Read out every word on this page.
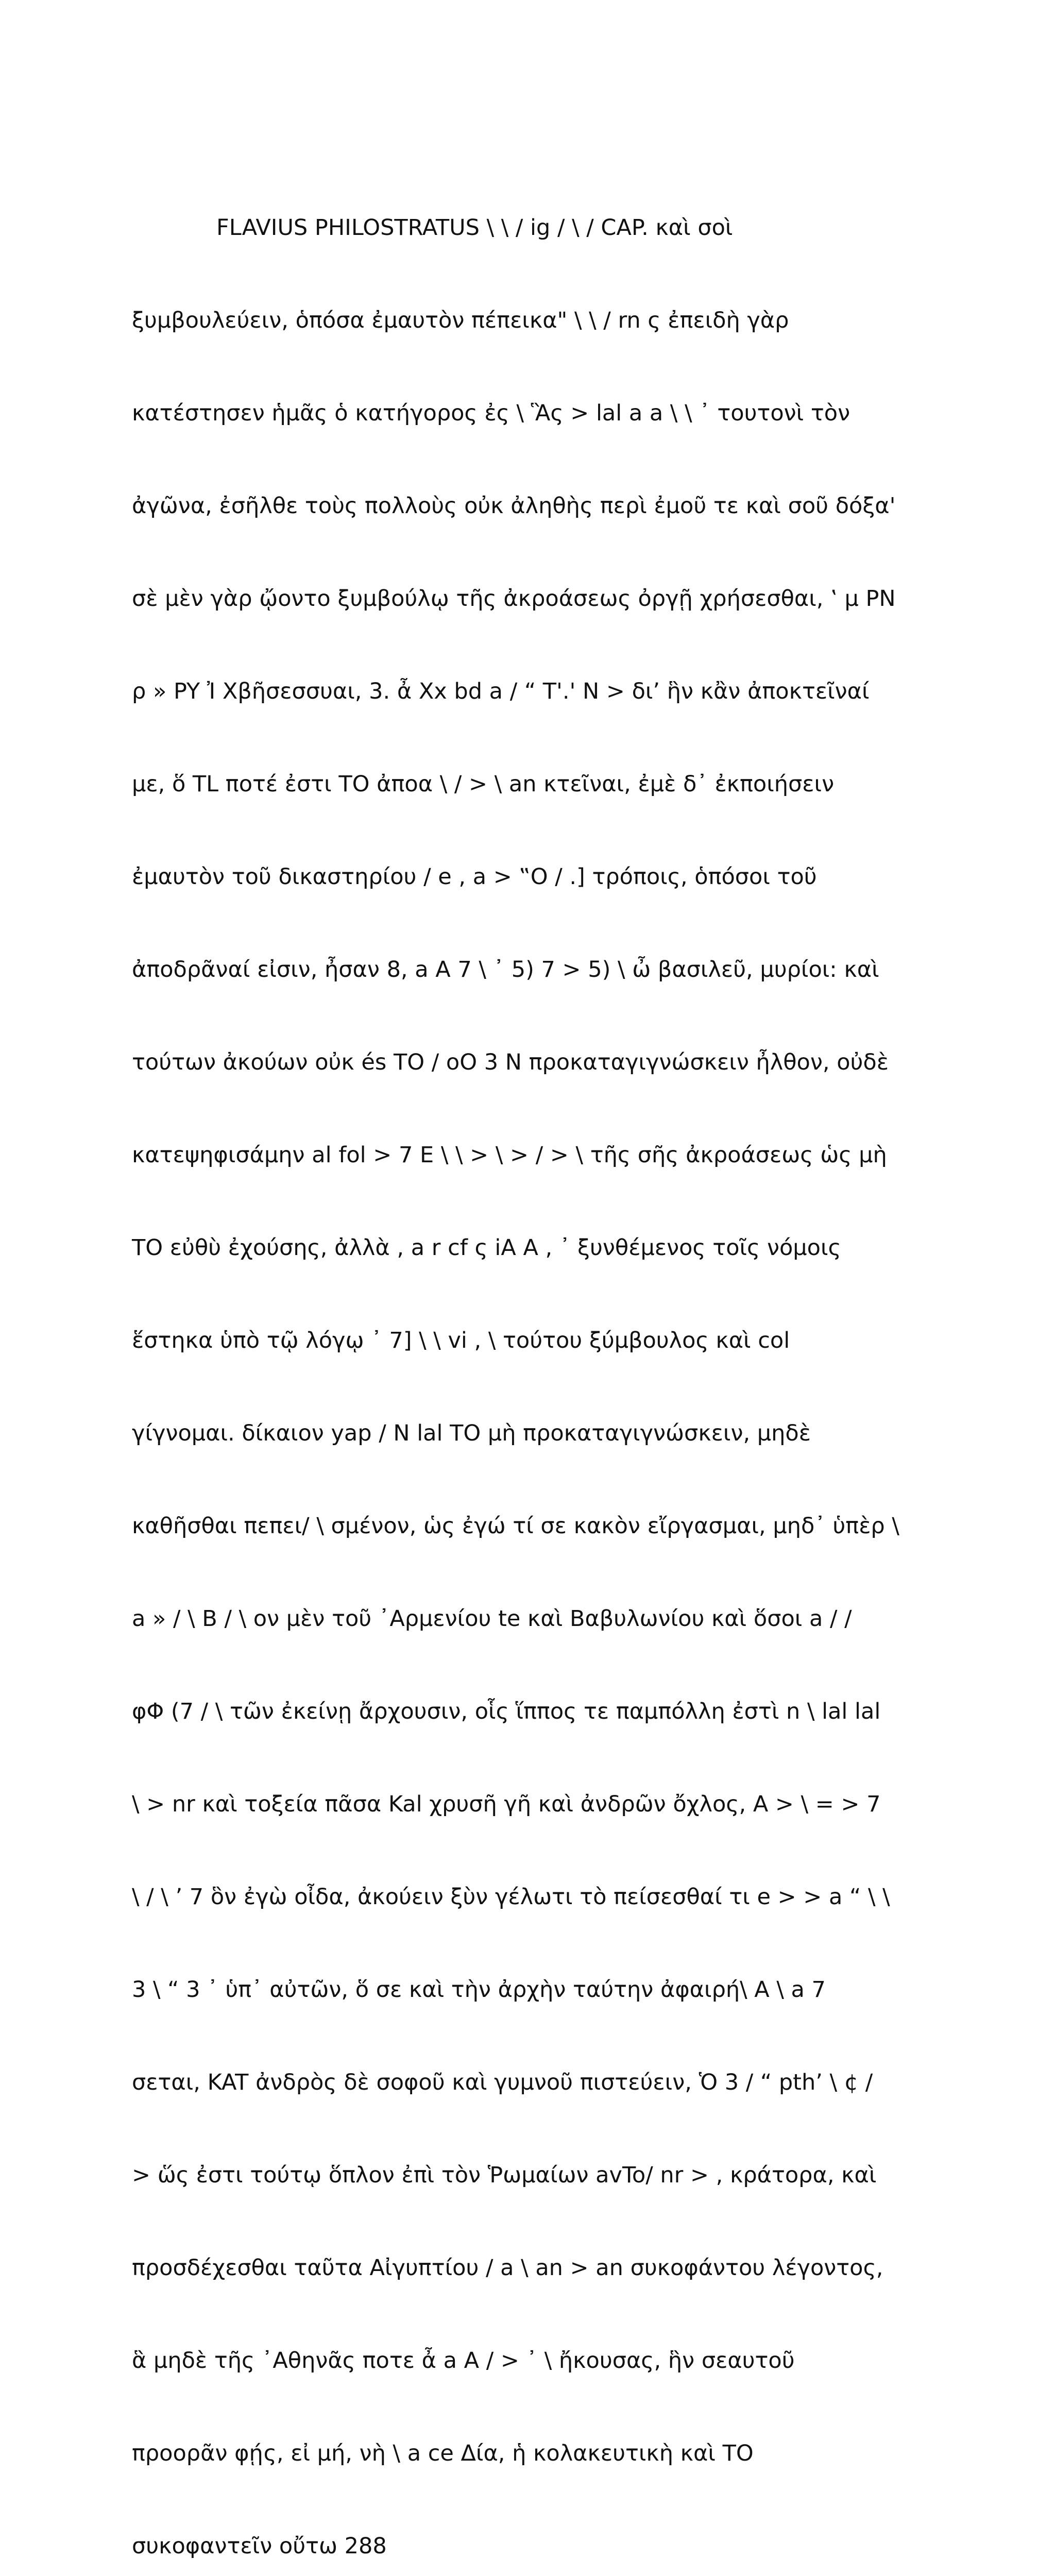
FLAVIUS PHILOSTRATUS \ \ / ig / \ / CAP. καὶ σοὶ

ξυμβουλεύειν, ὁπόσα ἐμαυτὸν πέπεικα" \ \ / rn ς ἐπειδὴ γὰρ

κατέστησεν ἡμᾶς ὁ κατήγορος ἐς \ Ἃς > lal a a \ \ ᾽ τουτονὶ τὸν

ἀγῶνα, ἐσῆλθε τοὺς πολλοὺς οὐκ ἀληθὴς περὶ ἐμοῦ τε καὶ σοῦ δόξα'

σὲ μὲν γὰρ ᾤοντο ξυμβούλῳ τῆς ἀκροάσεως ὀργῇ χρήσεσθαι, ‛ μ PN

ρ » PY Ἰ Xβῆσεσσυαι, 3. ἆ Xx bd a / “ T'.' N > δι’ ἣν κἂν ἀποκτεῖναί

με, ὅ TL ποτέ ἐστι TO ἀποα \ / > \ an κτεῖναι, ἐμὲ δ᾽ ἐκποιήσειν

ἐμαυτὸν τοῦ δικαστηρίου / e , a > ‟Ο / .] τρόποις, ὁπόσοι τοῦ

ἀποδρᾶναί εἰσιν, ἦσαν 8, a A 7 \ ᾽ 5) 7 > 5) \ ὦ βασιλεῦ, μυρίοι: καὶ

τούτων ἀκούων οὐκ és TO / oO 3 N προκαταγιγνώσκειν ἦλθον, οὐδὲ

κατεψηφισάμην al fol > 7 E \ \ > \ > / > \ τῆς σῆς ἀκροάσεως ὡς μὴ

TO εὐθὺ ἐχούσης, ἀλλὰ , a r cf ς iA A , ᾽ ξυνθέμενος τοῖς νόμοις

ἕστηκα ὑπὸ τῷ λόγῳ ᾿ 7] \ \ vi , \ τούτου ξύμβουλος καὶ col

γίγνομαι. δίκαιον yap / N lal TO μὴ προκαταγιγνώσκειν, μηδὲ

καθῆσθαι πεπει/ \ σμένον, ὡς ἐγώ τί σε κακὸν εἴργασμαι, μηδ᾽ ὑπὲρ \

a » / \ B / \ ον μὲν τοῦ ᾽Αρμενίου te καὶ Βαβυλωνίου καὶ ὅσοι a / /

φΦ (7 / \ τῶν ἐκείνῃ ἄρχουσιν, οἷς ἵππος τε παμπόλλη ἐστὶ n \ lal lal

\ > nr καὶ τοξεία πᾶσα Kal χρυσῆ γῆ καὶ ἀνδρῶν ὄχλος, A > \ = > 7

\ / \ ’ 7 ὃν ἐγὼ οἶδα, ἀκούειν ξὺν γέλωτι τὸ πείσεσθαί τι e > > a “ \ \

3 \ “ 3 ᾿ ὑπ᾽ αὐτῶν, ὅ σε καὶ τὴν ἀρχὴν ταύτην ἀφαιρή\ A \ a 7

σεται, KAT ἀνδρὸς δὲ σοφοῦ καὶ γυμνοῦ πιστεύειν, Ὁ 3 / “ pth’ \ ¢ /

> ὥς ἐστι τούτῳ ὅπλον ἐπὶ τὸν Ῥωμαίων avTo/ nr > , κράτορα, καὶ

προσδέχεσθαι ταῦτα Αἰγυπτίου / a \ an > an συκοφάντου λέγοντος,

ἃ μηδὲ τῆς ᾽Αθηνᾶς ποτε ἆ a A / > ᾿ \ ἤκουσας, ἣν σεαυτοῦ

προορᾶν φῄς, εἰ μή, νὴ \ a ce Δία, ἡ κολακευτικὴ καὶ TO

συκοφαντεῖν οὔτω 288
